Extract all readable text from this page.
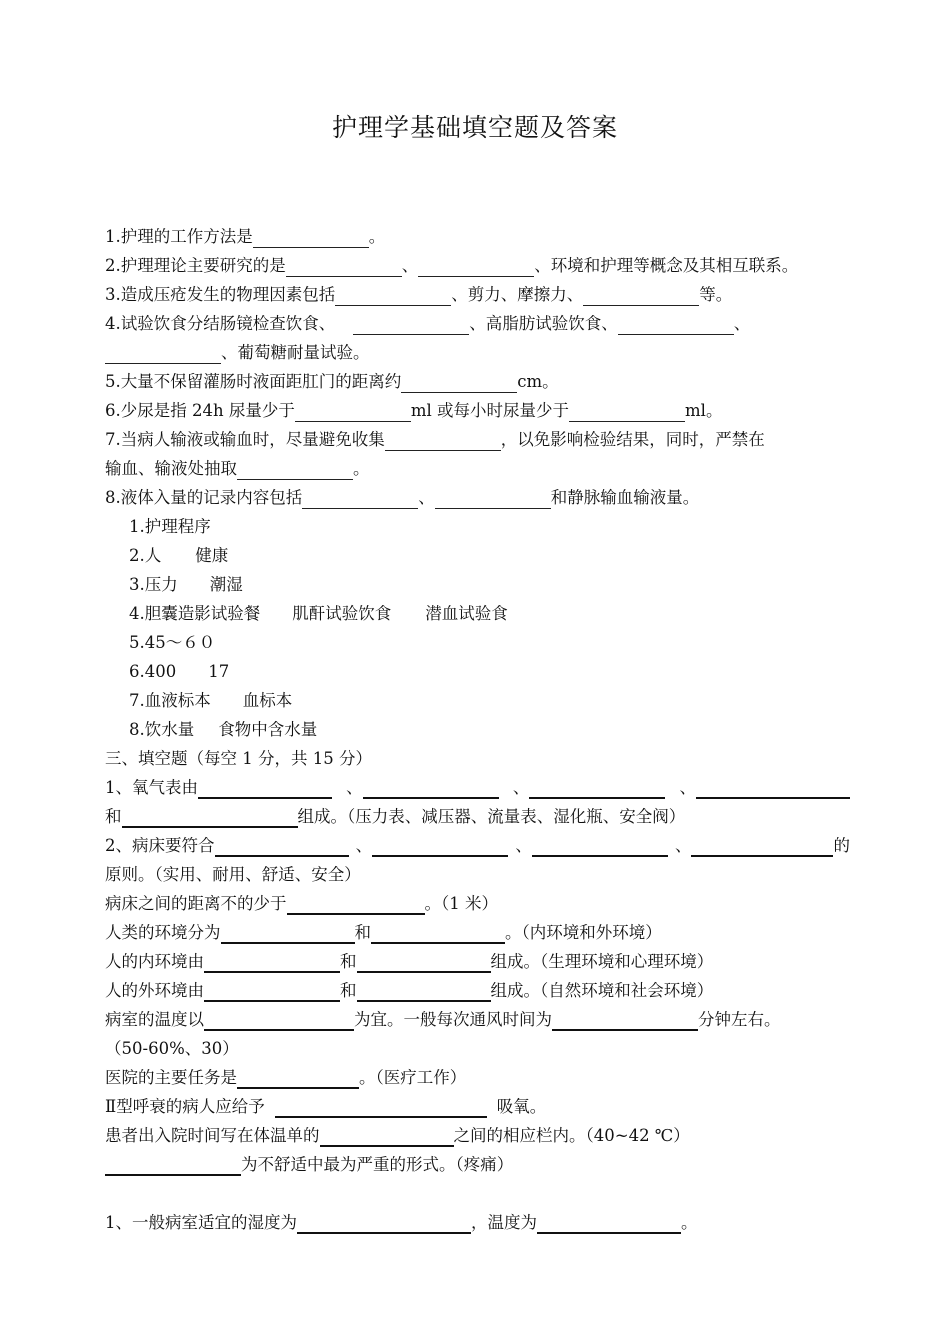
护理学基础填空题及答案
1.护理的工作方法是	。
2.护理理论主要研究的是	、	、环境和护理等概念及其相互联系。
3.造成压疮发生的物理因素包括	、剪力、摩擦力、	等。
4.试验饮食分结肠镜检查饮食、	、高脂肪试验饮食、	、
、葡萄糖耐量试验。
5.大量不保留灌肠时液面距肛门的距离约	cm。
6.少尿是指 24h 尿量少于	ml 或每小时尿量少于	ml。
7.当病人输液或输血时，尽量避免收集	，以免影响检验结果，同时，严禁在
输血、输液处抽取	。
8.液体入量的记录内容包括	、	和静脉输血输液量。
1.护理程序
2.人 健康
3.压力 潮湿
4.胆囊造影试验餐 肌酐试验饮食 潜血试验食
5.45～６０
6.400 17
7.血液标本 血标本
8.饮水量 食物中含水量
三、填空题（每空 1 分，共 15 分）
1、氧气表由	、	、	、
和	组成。（压力表、减压器、流量表、湿化瓶、安全阀）
2、病床要符合	、	、	、	的
原则。（实用、耐用、舒适、安全）
病床之间的距离不的少于	。（1 米）
人类的环境分为	和	。（内环境和外环境）
人的内环境由	和	组成。（生理环境和心理环境）
人的外环境由	和	组成。（自然环境和社会环境）
病室的温度以	为宜。一般每次通风时间为	分钟左右。
（50-60%、30）
医院的主要任务是	。（医疗工作）
Ⅱ型呼衰的病人应给予	吸氧。
患者出入院时间写在体温单的	之间的相应栏内。（40~42 ℃）
为不舒适中最为严重的形式。（疼痛）
1、一般病室适宜的湿度为	，温度为	。
